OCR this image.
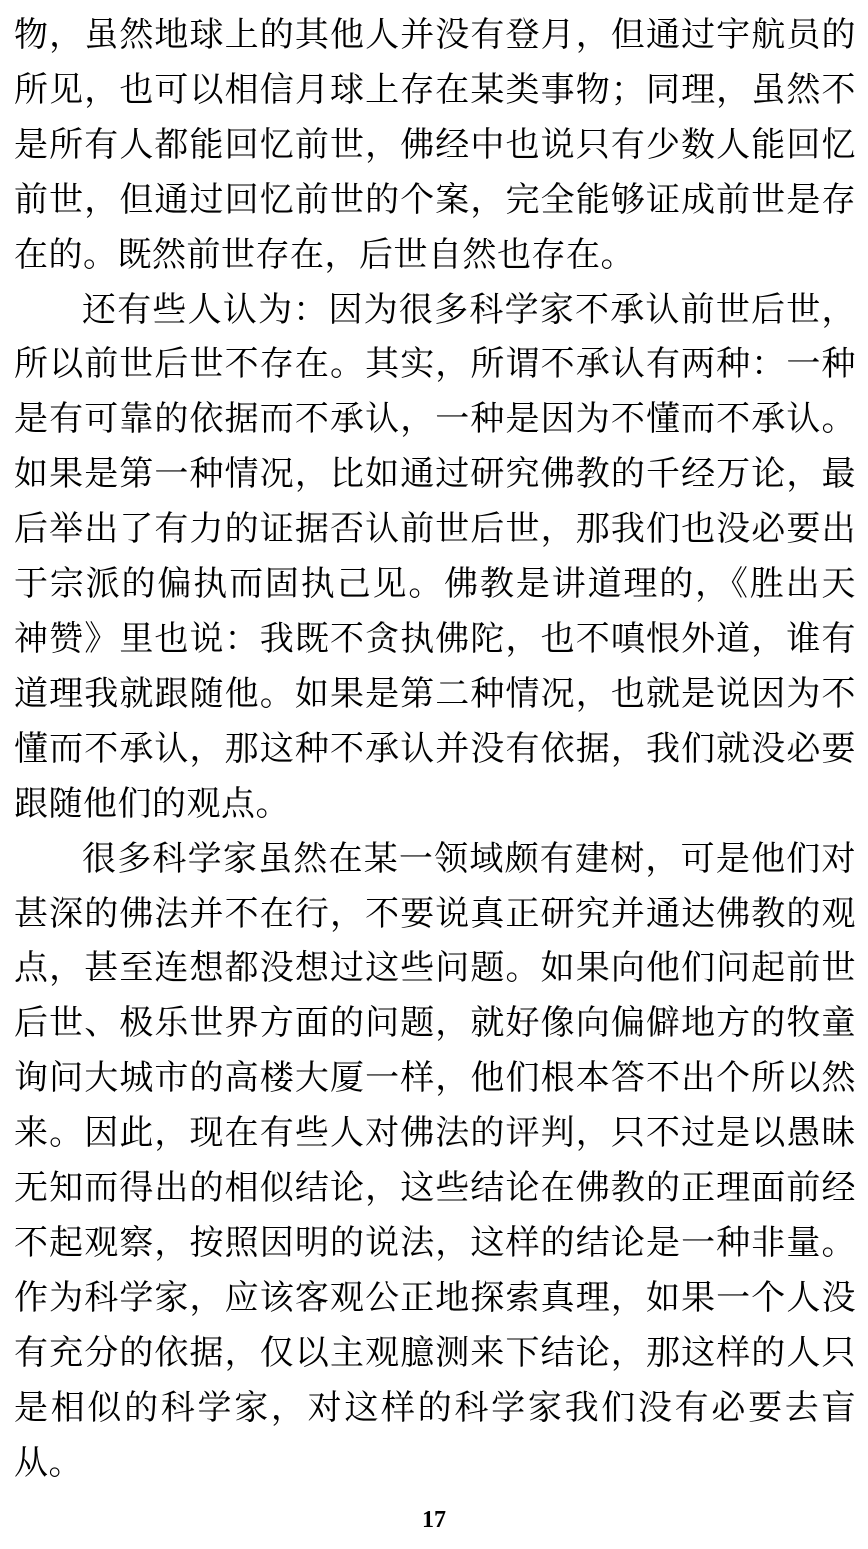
物，虽然地球上的其他人并没有登月，但通过宇航员的所见，也可以相信月球上存在某类事物；同理，虽然不是所有人都能回忆前世，佛经中也说只有少数人能回忆前世，但通过回忆前世的个案，完全能够证成前世是存在的。既然前世存在，后世自然也存在。

还有些人认为：因为很多科学家不承认前世后世，所以前世后世不存在。其实，所谓不承认有两种：一种是有可靠的依据而不承认，一种是因为不懂而不承认。如果是第一种情况，比如通过研究佛教的千经万论，最后举出了有力的证据否认前世后世，那我们也没必要出于宗派的偏执而固执己见。佛教是讲道理的，《胜出天神赞》里也说：我既不贪执佛陀，也不嗔恨外道，谁有道理我就跟随他。如果是第二种情况，也就是说因为不懂而不承认，那这种不承认并没有依据，我们就没必要跟随他们的观点。

很多科学家虽然在某一领域颇有建树，可是他们对甚深的佛法并不在行，不要说真正研究并通达佛教的观点，甚至连想都没想过这些问题。如果向他们问起前世后世、极乐世界方面的问题，就好像向偏僻地方的牧童询问大城市的高楼大厦一样，他们根本答不出个所以然来。因此，现在有些人对佛法的评判，只不过是以愚昧无知而得出的相似结论，这些结论在佛教的正理面前经不起观察，按照因明的说法，这样的结论是一种非量。作为科学家，应该客观公正地探索真理，如果一个人没有充分的依据，仅以主观臆测来下结论，那这样的人只是相似的科学家，对这样的科学家我们没有必要去盲从。

17
